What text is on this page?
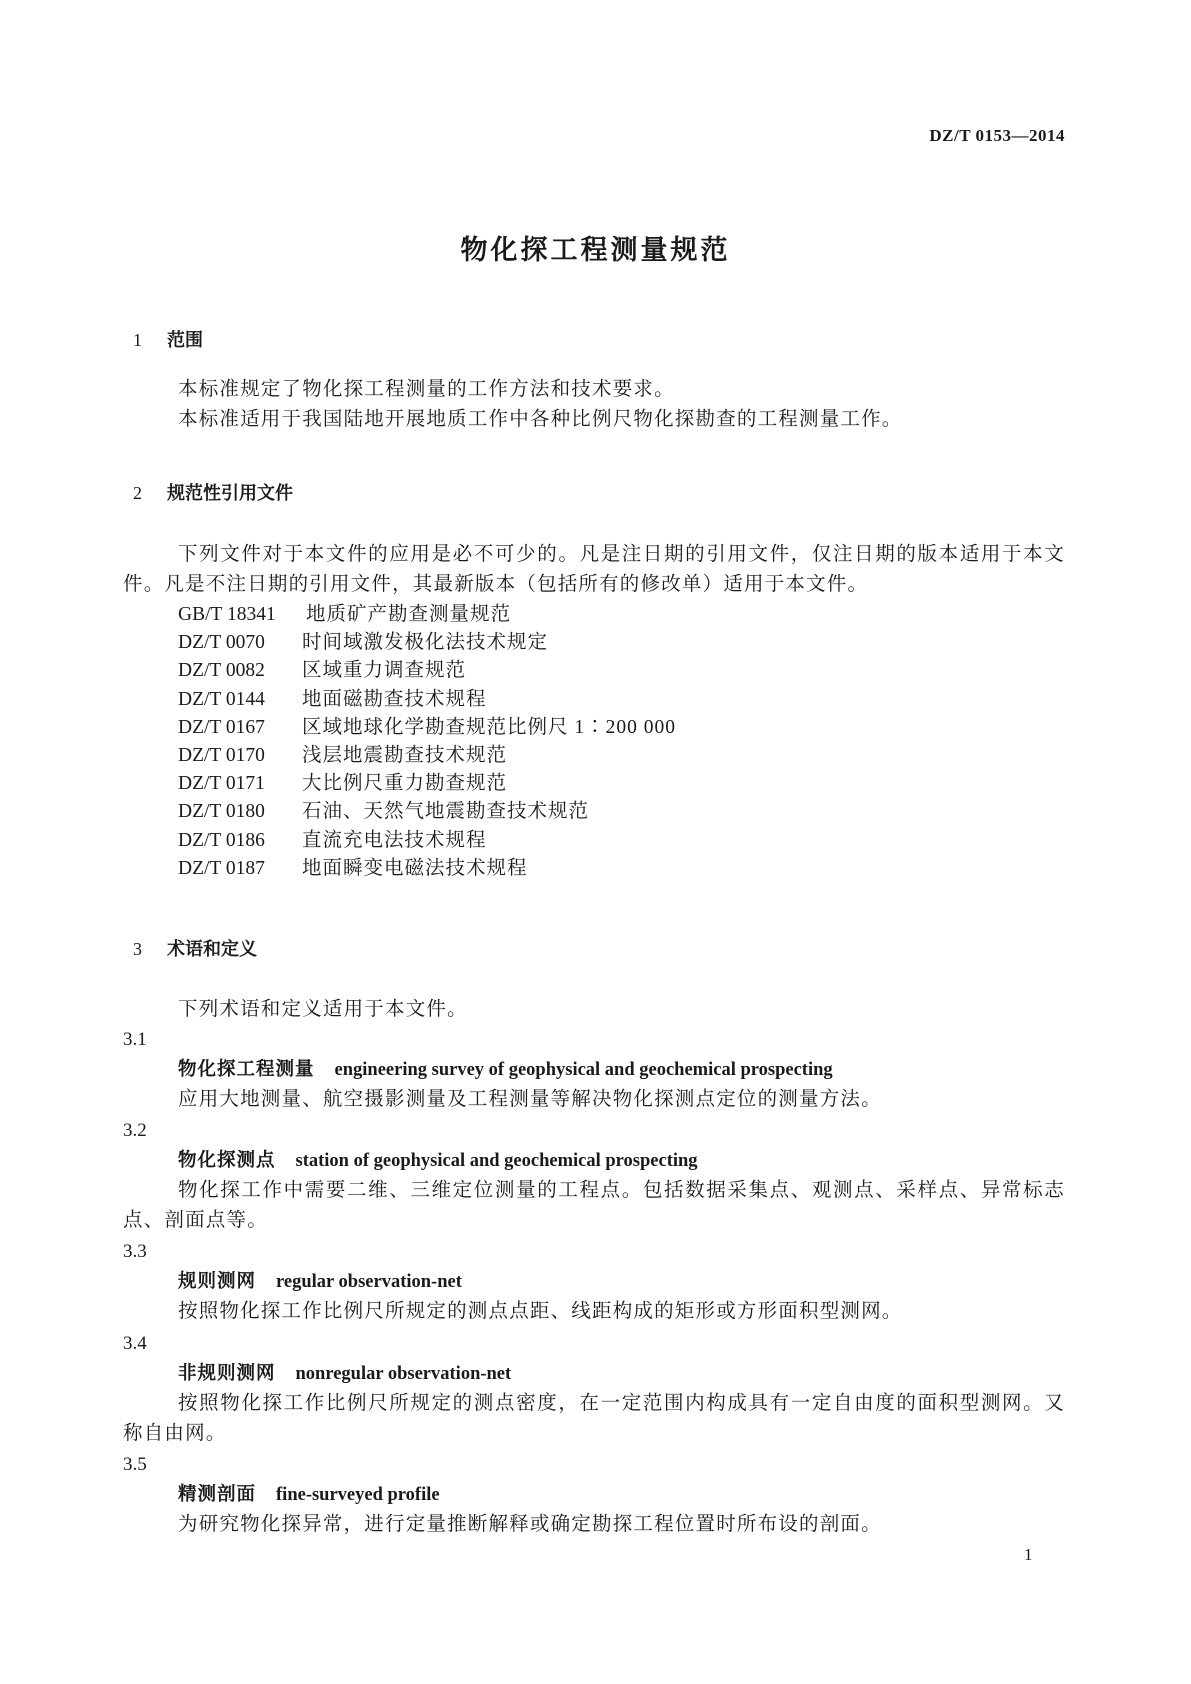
DZ/T 0153—2014
物化探工程测量规范
1 范围
本标准规定了物化探工程测量的工作方法和技术要求。
本标准适用于我国陆地开展地质工作中各种比例尺物化探勘查的工程测量工作。
2 规范性引用文件
下列文件对于本文件的应用是必不可少的。凡是注日期的引用文件，仅注日期的版本适用于本文件。凡是不注日期的引用文件，其最新版本（包括所有的修改单）适用于本文件。
GB/T 18341 地质矿产勘查测量规范
DZ/T 0070 时间域激发极化法技术规定
DZ/T 0082 区域重力调查规范
DZ/T 0144 地面磁勘查技术规程
DZ/T 0167 区域地球化学勘查规范比例尺 1∶200 000
DZ/T 0170 浅层地震勘查技术规范
DZ/T 0171 大比例尺重力勘查规范
DZ/T 0180 石油、天然气地震勘查技术规范
DZ/T 0186 直流充电法技术规程
DZ/T 0187 地面瞬变电磁法技术规程
3 术语和定义
下列术语和定义适用于本文件。
3.1
物化探工程测量 engineering survey of geophysical and geochemical prospecting
应用大地测量、航空摄影测量及工程测量等解决物化探测点定位的测量方法。
3.2
物化探测点 station of geophysical and geochemical prospecting
物化探工作中需要二维、三维定位测量的工程点。包括数据采集点、观测点、采样点、异常标志点、剖面点等。
3.3
规则测网 regular observation-net
按照物化探工作比例尺所规定的测点点距、线距构成的矩形或方形面积型测网。
3.4
非规则测网 nonregular observation-net
按照物化探工作比例尺所规定的测点密度，在一定范围内构成具有一定自由度的面积型测网。又称自由网。
3.5
精测剖面 fine-surveyed profile
为研究物化探异常，进行定量推断解释或确定勘探工程位置时所布设的剖面。
1
